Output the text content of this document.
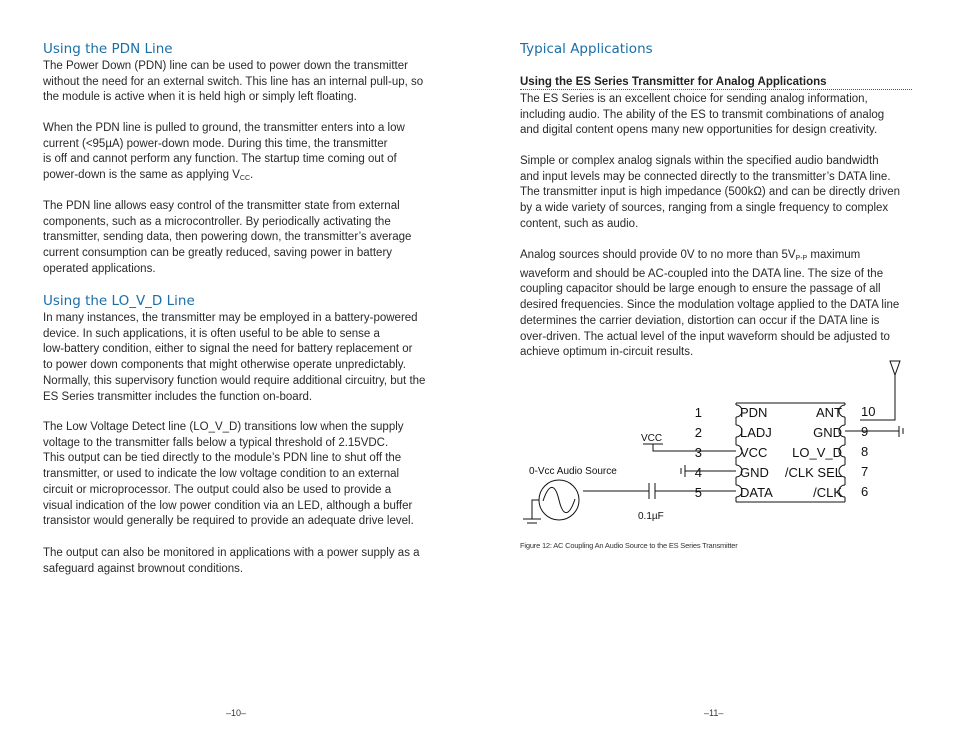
Using the PDN Line

The Power Down (PDN) line can be used to power down the transmitter
without the need for an external switch. This line has an internal pull-up, so
the module is active when it is held high or simply left floating.

When the PDN line is pulled to ground, the transmitter enters into a low
current (<95µA) power-down mode. During this time, the transmitter
is off and cannot perform any function. The startup time coming out of
power-down is the same as applying $V_{CC}$.

The PDN line allows easy control of the transmitter state from external
components, such as a microcontroller. By periodically activating the
transmitter, sending data, then powering down, the transmitter’s average
current consumption can be greatly reduced, saving power in battery
operated applications.

Using the LO_V_D Line

In many instances, the transmitter may be employed in a battery-powered
device. In such applications, it is often useful to be able to sense a
low-battery condition, either to signal the need for battery replacement or
to power down components that might otherwise operate unpredictably.
Normally, this supervisory function would require additional circuitry, but the
ES Series transmitter includes the function on-board.

The Low Voltage Detect line (LO_V_D) transitions low when the supply
voltage to the transmitter falls below a typical threshold of 2.15VDC.
This output can be tied directly to the module’s PDN line to shut off the
transmitter, or used to indicate the low voltage condition to an external
circuit or microprocessor. The output could also be used to provide a
visual indication of the low power condition via an LED, although a buffer
transistor would generally be required to provide an adequate drive level.

The output can also be monitored in applications with a power supply as a
safeguard against brownout conditions.

–10–
Typical Applications
Using the ES Series Transmitter for Analog Applications

The ES Series is an excellent choice for sending analog information,
including audio. The ability of the ES to transmit combinations of analog
and digital content opens many new opportunities for design creativity.

Simple or complex analog signals within the specified audio bandwidth
and input levels may be connected directly to the transmitter’s DATA line.
The transmitter input is high impedance (500kΩ) and can be directly driven
by a wide variety of sources, ranging from a single frequency to complex
content, such as audio.

Analog sources should provide 0V to no more than $5V_{P-P}$ maximum
waveform and should be AC-coupled into the DATA line. The size of the
coupling capacitor should be large enough to ensure the passage of all
desired frequencies. Since the modulation voltage applied to the DATA line
determines the carrier deviation, distortion can occur if the DATA line is
over-driven. The actual level of the input waveform should be adjusted to
achieve optimum in-circuit results.

1
2
3
4
5
PDN
LADJ
VCC
GND
DATA
ANT
GND
LO_V_D
/CLK SEL
/CLK
10
9
8
7
6
VCC
0-Vcc Audio Source
0.1µF

Figure 12: AC Coupling An Audio Source to the ES Series Transmitter

–11–
